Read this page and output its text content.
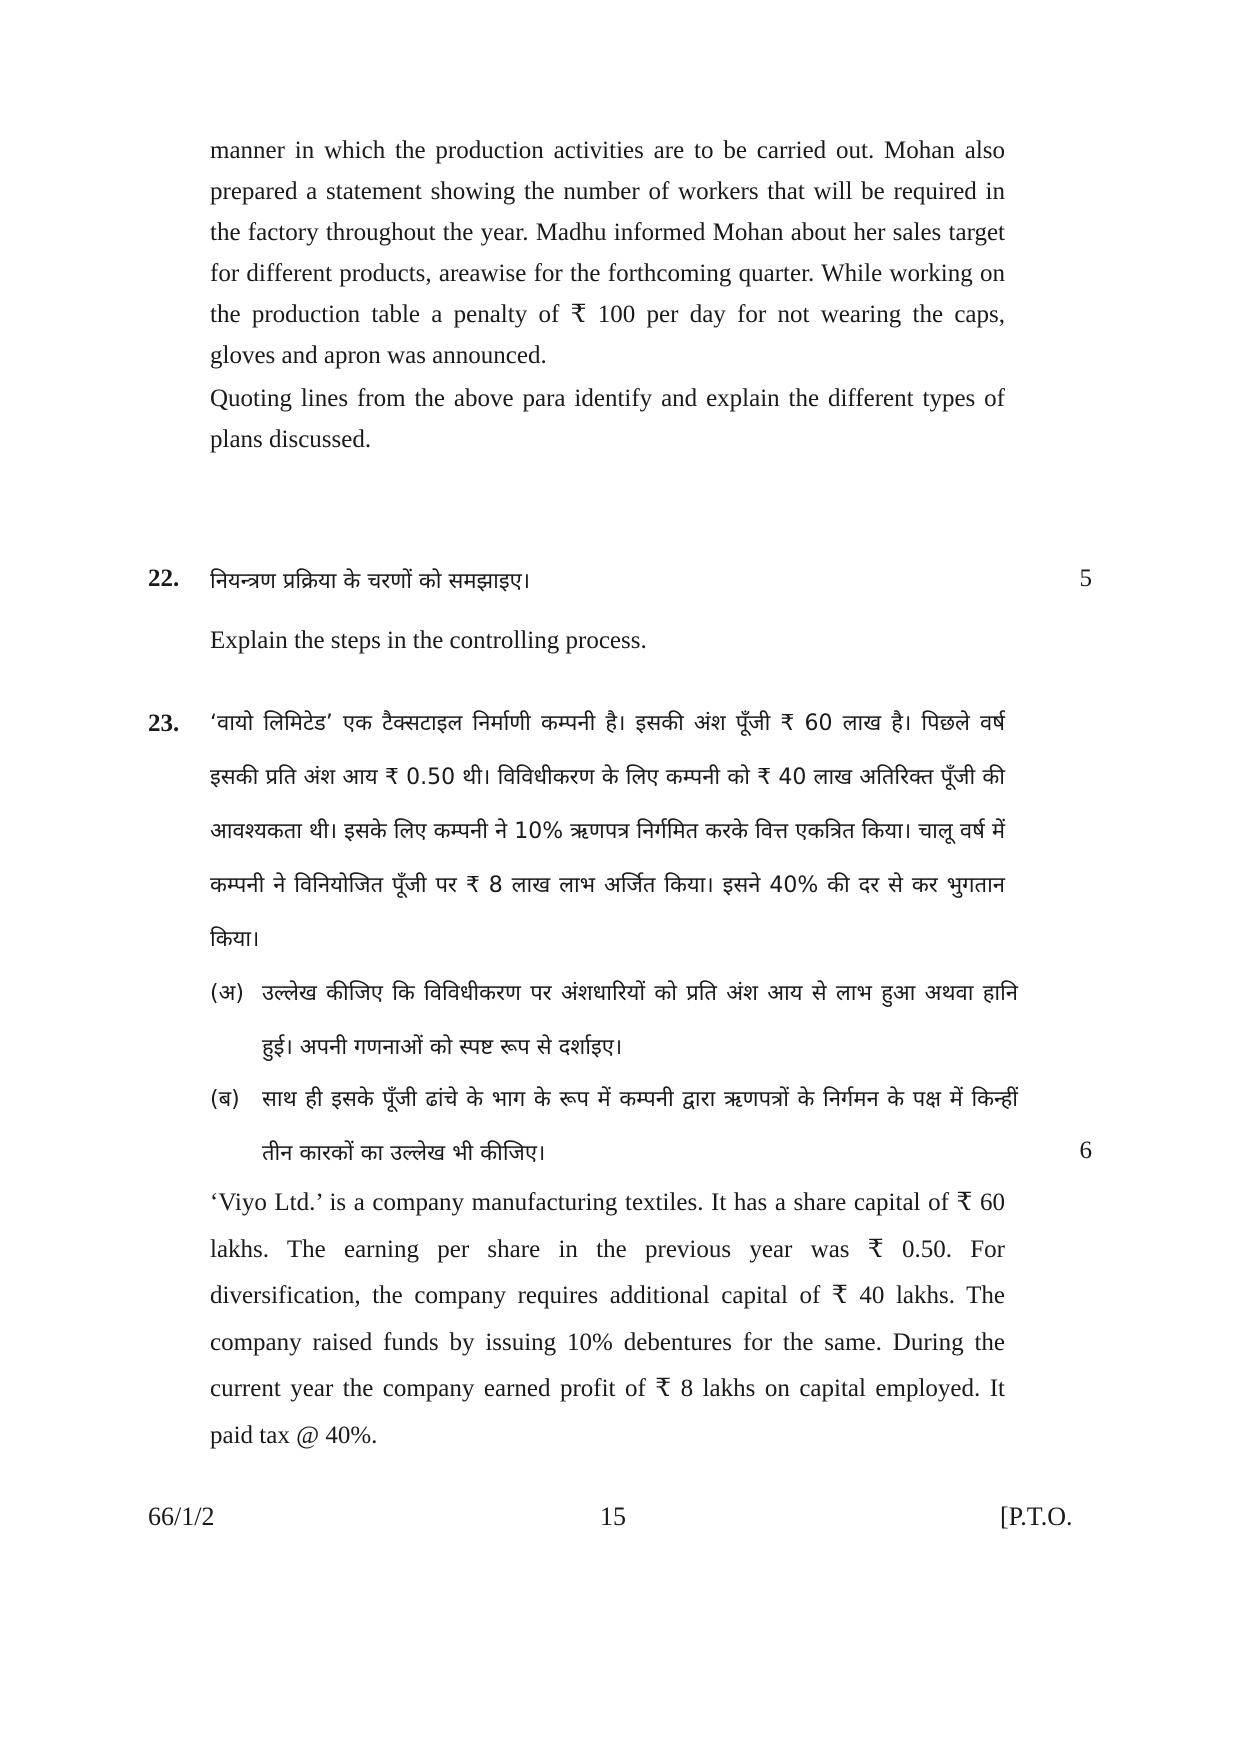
manner in which the production activities are to be carried out. Mohan also prepared a statement showing the number of workers that will be required in the factory throughout the year. Madhu informed Mohan about her sales target for different products, areawise for the forthcoming quarter. While working on the production table a penalty of ₹ 100 per day for not wearing the caps, gloves and apron was announced.

Quoting lines from the above para identify and explain the different types of plans discussed.

22. नियन्त्रण प्रक्रिया के चरणों को समझाइए।	5

Explain the steps in the controlling process.

23. ‘वायो लिमिटेड’ एक टैक्सटाइल निर्माणी कम्पनी है। इसकी अंश पूँजी ₹ 60 लाख है। पिछले वर्ष इसकी प्रति अंश आय ₹ 0.50 थी। विविधीकरण के लिए कम्पनी को ₹ 40 लाख अतिरिक्त पूँजी की आवश्यकता थी। इसके लिए कम्पनी ने 10% ऋणपत्र निर्गमित करके वित्त एकत्रित किया। चालू वर्ष में कम्पनी ने विनियोजित पूँजी पर ₹ 8 लाख लाभ अर्जित किया। इसने 40% की दर से कर भुगतान किया।

(अ) उल्लेख कीजिए कि विविधीकरण पर अंशधारियों को प्रति अंश आय से लाभ हुआ अथवा हानि हुई। अपनी गणनाओं को स्पष्ट रूप से दर्शाइए।

(ब) साथ ही इसके पूँजी ढांचे के भाग के रूप में कम्पनी द्वारा ऋणपत्रों के निर्गमन के पक्ष में किन्हीं तीन कारकों का उल्लेख भी कीजिए।	6

‘Viyo Ltd.’ is a company manufacturing textiles. It has a share capital of ₹ 60 lakhs. The earning per share in the previous year was ₹ 0.50. For diversification, the company requires additional capital of ₹ 40 lakhs. The company raised funds by issuing 10% debentures for the same. During the current year the company earned profit of ₹ 8 lakhs on capital employed. It paid tax @ 40%.

66/1/2	15	[P.T.O.
